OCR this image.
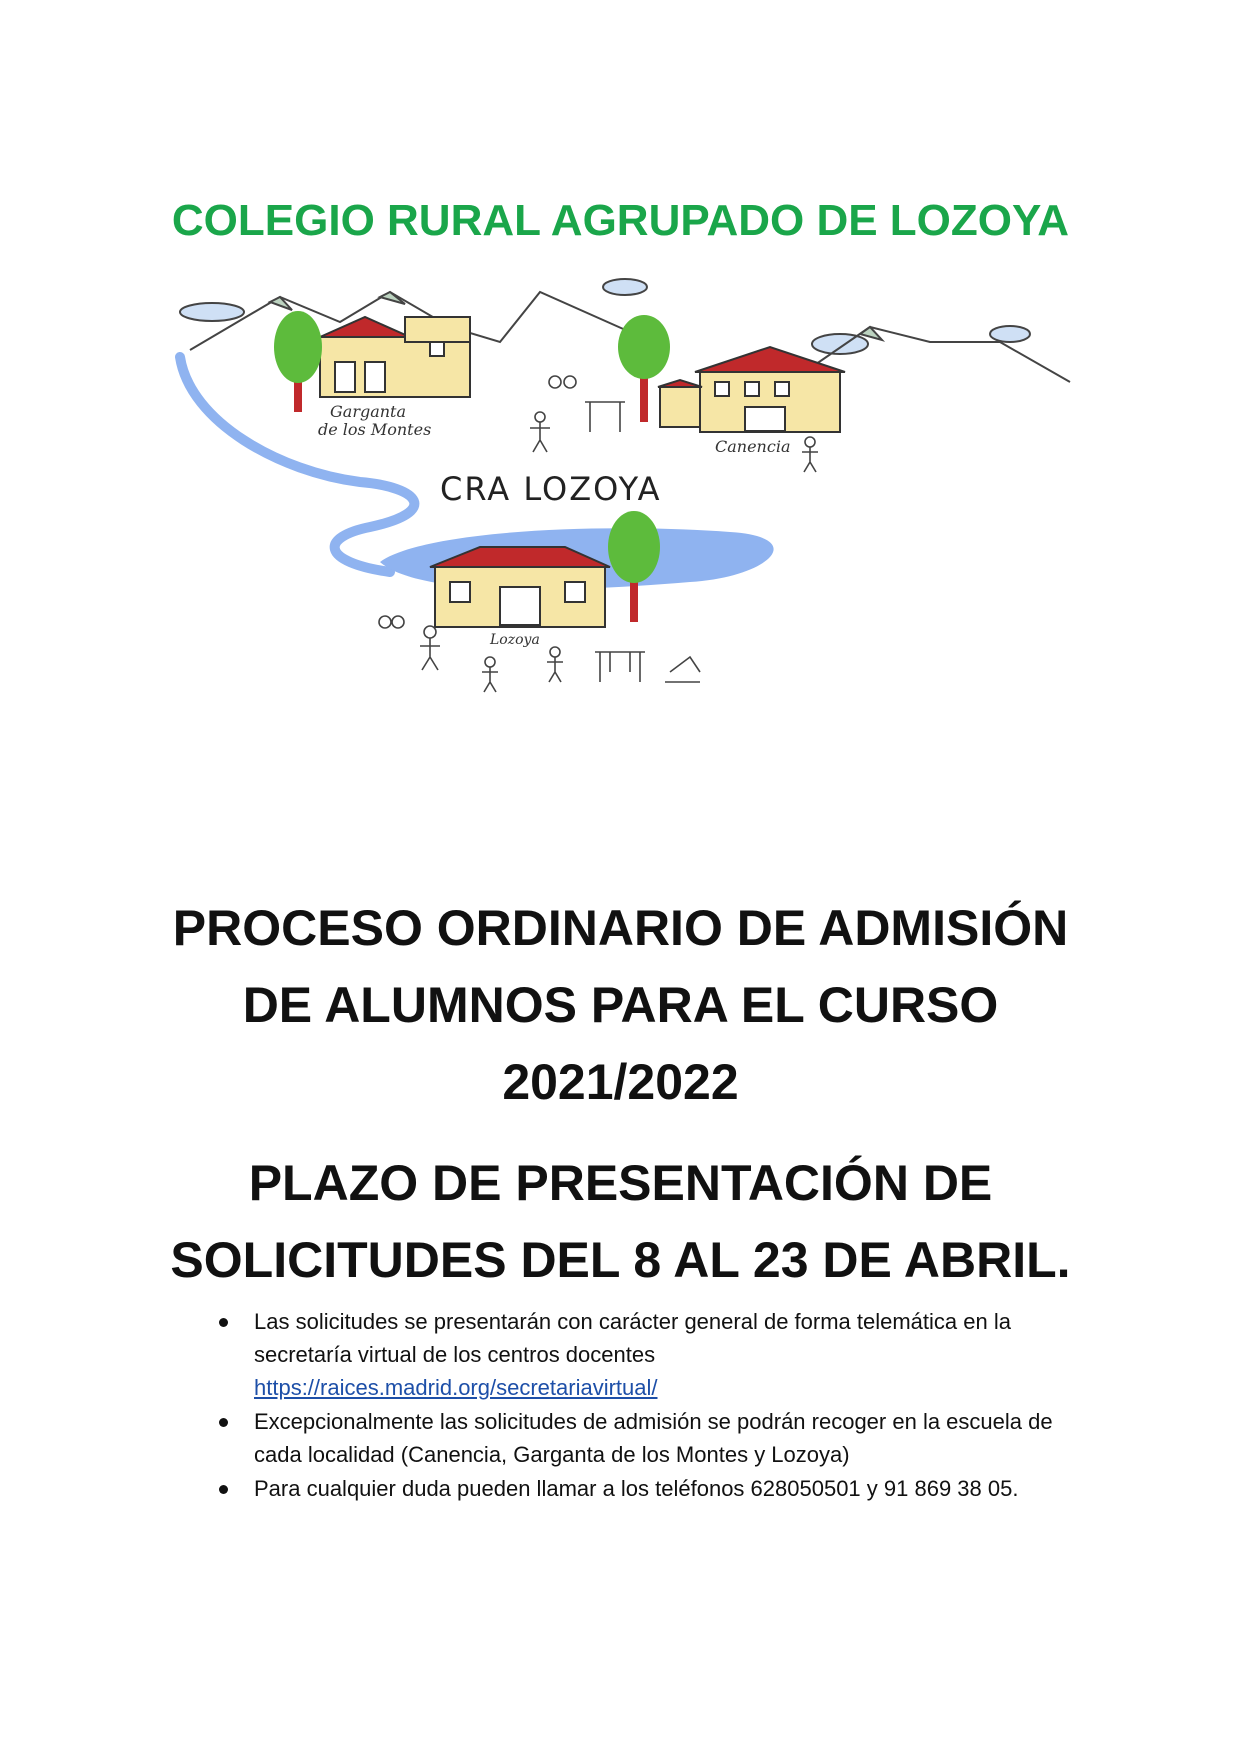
COLEGIO RURAL AGRUPADO DE LOZOYA
Garganta
de los Montes
Canencia
CRA LOZOYA
Lozoya
PROCESO ORDINARIO DE ADMISIÓN
DE ALUMNOS PARA EL CURSO
2021/2022
PLAZO DE PRESENTACIÓN DE
SOLICITUDES DEL 8 AL 23 DE ABRIL.
Las solicitudes se presentarán con carácter general de forma telemática en la secretaría virtual de los centros docentes
https://raices.madrid.org/secretariavirtual/
Excepcionalmente las solicitudes de admisión se podrán recoger en la escuela de cada localidad (Canencia, Garganta de los Montes y Lozoya)
Para cualquier duda pueden llamar a los teléfonos 628050501 y 91 869 38 05.
